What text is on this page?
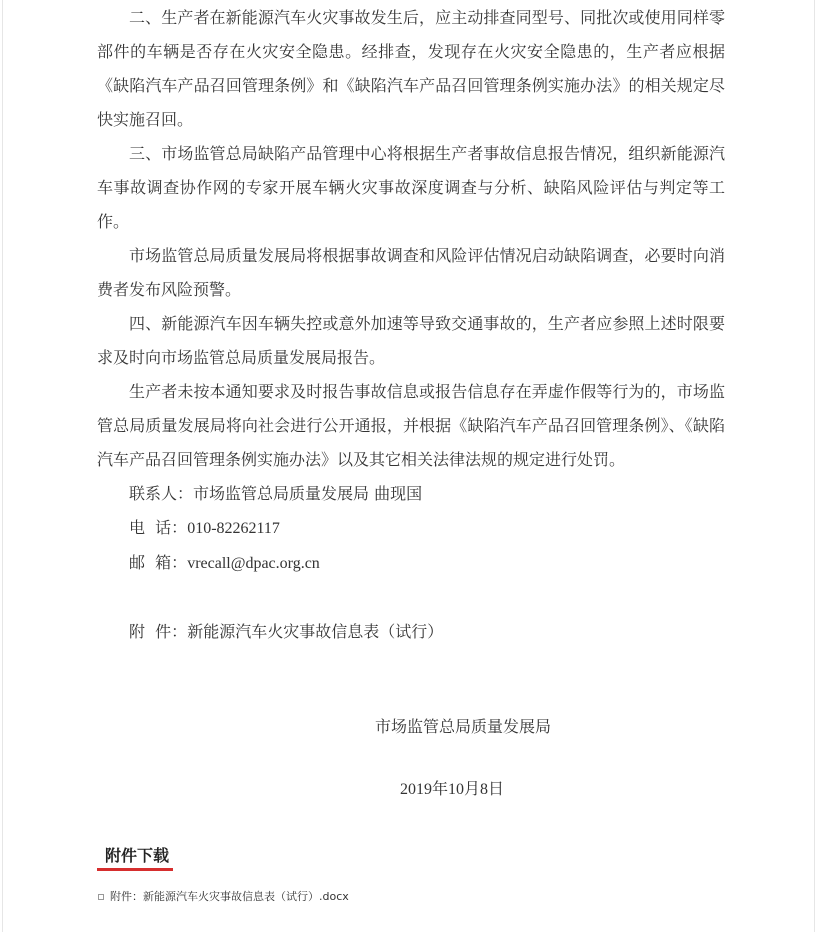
二、生产者在新能源汽车火灾事故发生后，应主动排查同型号、同批次或使用同样零部件的车辆是否存在火灾安全隐患。经排查，发现存在火灾安全隐患的，生产者应根据《缺陷汽车产品召回管理条例》和《缺陷汽车产品召回管理条例实施办法》的相关规定尽快实施召回。

三、市场监管总局缺陷产品管理中心将根据生产者事故信息报告情况，组织新能源汽车事故调查协作网的专家开展车辆火灾事故深度调查与分析、缺陷风险评估与判定等工作。

市场监管总局质量发展局将根据事故调查和风险评估情况启动缺陷调查，必要时向消费者发布风险预警。

四、新能源汽车因车辆失控或意外加速等导致交通事故的，生产者应参照上述时限要求及时向市场监管总局质量发展局报告。

生产者未按本通知要求及时报告事故信息或报告信息存在弄虚作假等行为的，市场监管总局质量发展局将向社会进行公开通报，并根据《缺陷汽车产品召回管理条例》、《缺陷汽车产品召回管理条例实施办法》以及其它相关法律法规的规定进行处罚。

联系人：市场监管总局质量发展局 曲现国
电  话：010-82262117
邮  箱：vrecall@dpac.org.cn
附  件：新能源汽车火灾事故信息表（试行）
市场监管总局质量发展局
2019年10月8日
附件下载
附件：新能源汽车火灾事故信息表（试行）.docx
